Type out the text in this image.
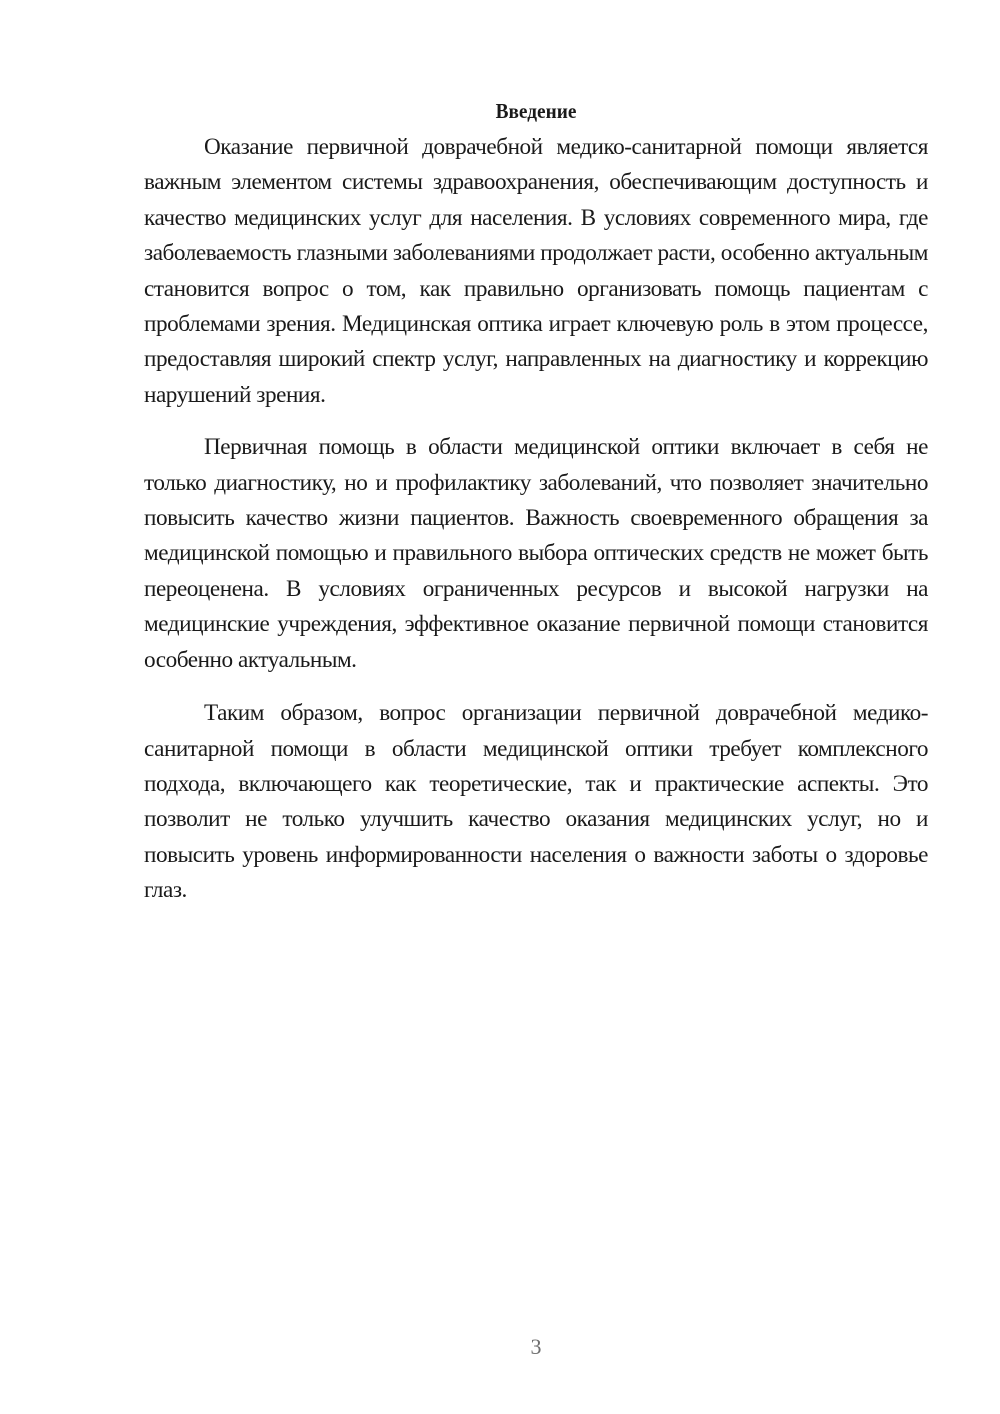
Введение

Оказание первичной доврачебной медико-санитарной помощи является важным элементом системы здравоохранения, обеспечивающим доступность и качество медицинских услуг для населения. В условиях современного мира, где заболеваемость глазными заболеваниями продолжает расти, особенно актуальным становится вопрос о том, как правильно организовать помощь пациентам с проблемами зрения. Медицинская оптика играет ключевую роль в этом процессе, предоставляя широкий спектр услуг, направленных на диагностику и коррекцию нарушений зрения.

Первичная помощь в области медицинской оптики включает в себя не только диагностику, но и профилактику заболеваний, что позволяет значительно повысить качество жизни пациентов. Важность своевременного обращения за медицинской помощью и правильного выбора оптических средств не может быть переоценена. В условиях ограниченных ресурсов и высокой нагрузки на медицинские учреждения, эффективное оказание первичной помощи становится особенно актуальным.

Таким образом, вопрос организации первичной доврачебной медико-санитарной помощи в области медицинской оптики требует комплексного подхода, включающего как теоретические, так и практические аспекты. Это позволит не только улучшить качество оказания медицинских услуг, но и повысить уровень информированности населения о важности заботы о здоровье глаз.

3
